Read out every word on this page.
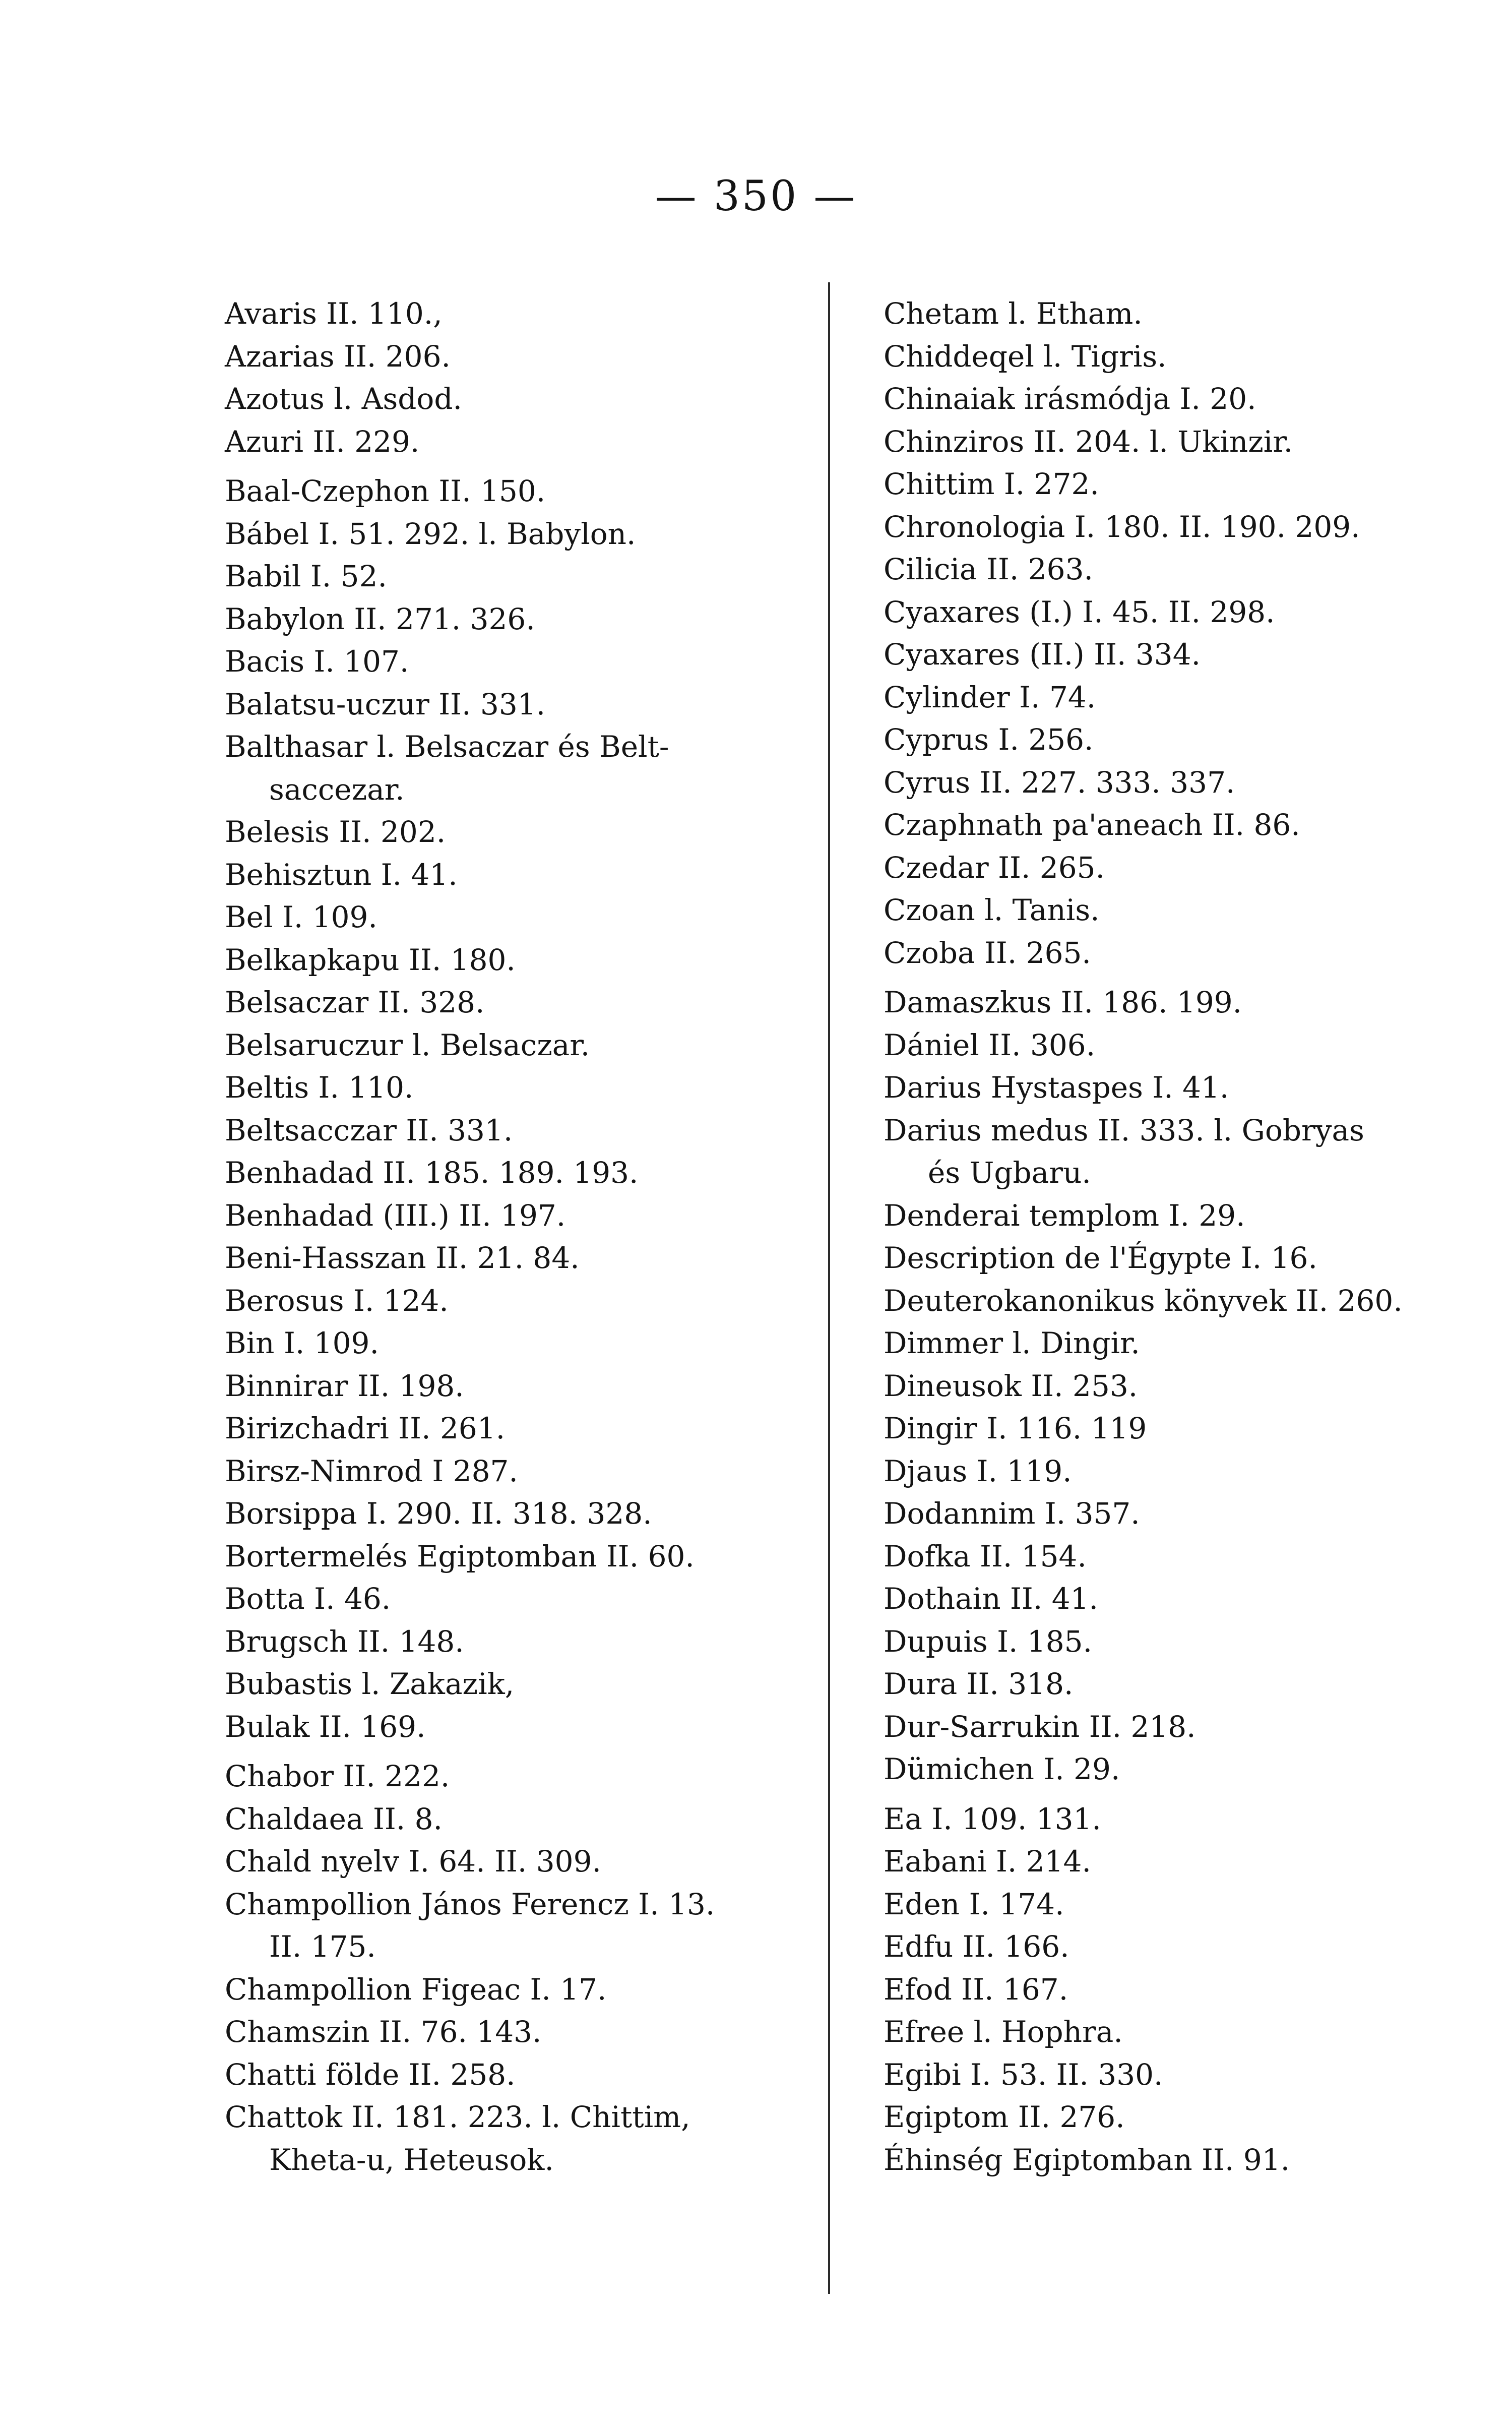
— 350 —
Avaris II. 110.,
Azarias II. 206.
Azotus l. Asdod.
Azuri II. 229.
Baal-Czephon II. 150.
Bábel I. 51. 292. l. Babylon.
Babil I. 52.
Babylon II. 271. 326.
Bacis I. 107.
Balatsu-uczur II. 331.
Balthasar l. Belsaczar és Belt-
saccezar.
Belesis II. 202.
Behisztun I. 41.
Bel I. 109.
Belkapkapu II. 180.
Belsaczar II. 328.
Belsaruczur l. Belsaczar.
Beltis I. 110.
Beltsacczar II. 331.
Benhadad II. 185. 189. 193.
Benhadad (III.) II. 197.
Beni-Hasszan II. 21. 84.
Berosus I. 124.
Bin I. 109.
Binnirar II. 198.
Birizchadri II. 261.
Birsz-Nimrod I 287.
Borsippa I. 290. II. 318. 328.
Bortermelés Egiptomban II. 60.
Botta I. 46.
Brugsch II. 148.
Bubastis l. Zakazik,
Bulak II. 169.
Chabor II. 222.
Chaldaea II. 8.
Chald nyelv I. 64. II. 309.
Champollion János Ferencz I. 13.
II. 175.
Champollion Figeac I. 17.
Chamszin II. 76. 143.
Chatti földe II. 258.
Chattok II. 181. 223. l. Chittim,
Kheta-u, Heteusok.
Chetam l. Etham.
Chiddeqel l. Tigris.
Chinaiak irásmódja I. 20.
Chinziros II. 204. l. Ukinzir.
Chittim I. 272.
Chronologia I. 180. II. 190. 209.
Cilicia II. 263.
Cyaxares (I.) I. 45. II. 298.
Cyaxares (II.) II. 334.
Cylinder I. 74.
Cyprus I. 256.
Cyrus II. 227. 333. 337.
Czaphnath pa'aneach II. 86.
Czedar II. 265.
Czoan l. Tanis.
Czoba II. 265.
Damaszkus II. 186. 199.
Dániel II. 306.
Darius Hystaspes I. 41.
Darius medus II. 333. l. Gobryas
és Ugbaru.
Denderai templom I. 29.
Description de l'Égypte I. 16.
Deuterokanonikus könyvek II. 260.
Dimmer l. Dingir.
Dineusok II. 253.
Dingir I. 116. 119
Djaus I. 119.
Dodannim I. 357.
Dofka II. 154.
Dothain II. 41.
Dupuis I. 185.
Dura II. 318.
Dur-Sarrukin II. 218.
Dümichen I. 29.
Ea I. 109. 131.
Eabani I. 214.
Eden I. 174.
Edfu II. 166.
Efod II. 167.
Efree l. Hophra.
Egibi I. 53. II. 330.
Egiptom II. 276.
Éhinség Egiptomban II. 91.
